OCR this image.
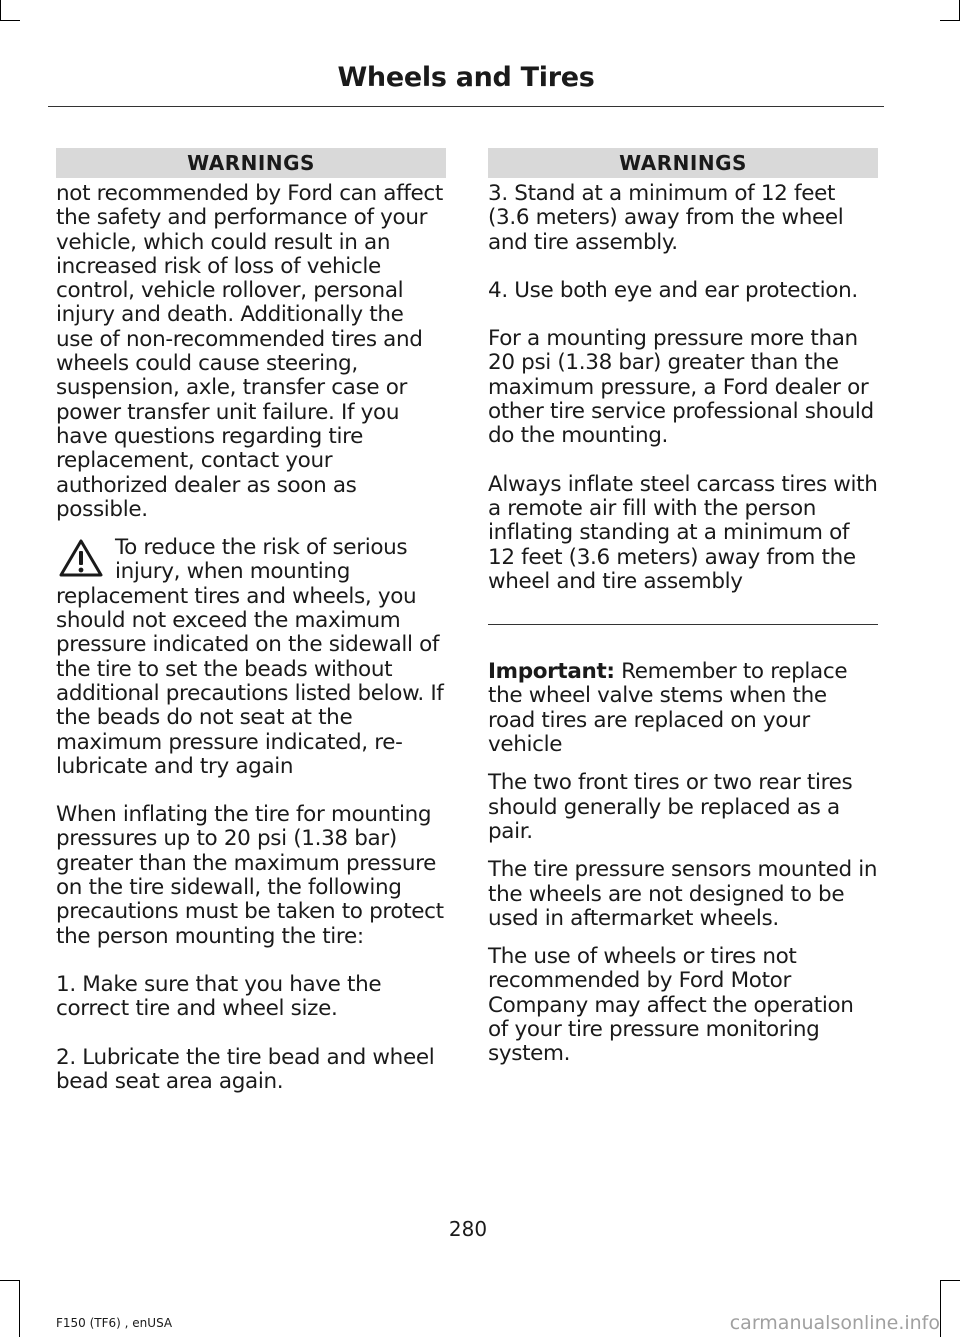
Wheels and Tires
WARNINGS

not recommended by Ford can affect the safety and performance of your vehicle, which could result in an increased risk of loss of vehicle control, vehicle rollover, personal injury and death. Additionally the use of non-recommended tires and wheels could cause steering, suspension, axle, transfer case or power transfer unit failure. If you have questions regarding tire replacement, contact your authorized dealer as soon as possible.

To reduce the risk of serious

injury, when mounting

replacement tires and wheels, you should not exceed the maximum pressure indicated on the sidewall of the tire to set the beads without additional precautions listed below. If the beads do not seat at the maximum pressure indicated, re-lubricate and try again

When inflating the tire for mounting pressures up to 20 psi (1.38 bar) greater than the maximum pressure on the tire sidewall, the following precautions must be taken to protect the person mounting the tire:

1. Make sure that you have the correct tire and wheel size.

2. Lubricate the tire bead and wheel bead seat area again.

WARNINGS

3. Stand at a minimum of 12 feet (3.6 meters) away from the wheel and tire assembly.

4. Use both eye and ear protection.

For a mounting pressure more than 20 psi (1.38 bar) greater than the maximum pressure, a Ford dealer or other tire service professional should do the mounting.

Always inflate steel carcass tires with a remote air fill with the person inflating standing at a minimum of 12 feet (3.6 meters) away from the wheel and tire assembly

Important: Remember to replace the wheel valve stems when the road tires are replaced on your vehicle

The two front tires or two rear tires should generally be replaced as a pair.

The tire pressure sensors mounted in the wheels are not designed to be used in aftermarket wheels.

The use of wheels or tires not recommended by Ford Motor Company may affect the operation of your tire pressure monitoring system.

280
F150 (TF6) , enUSA	carmanualsonline.info
